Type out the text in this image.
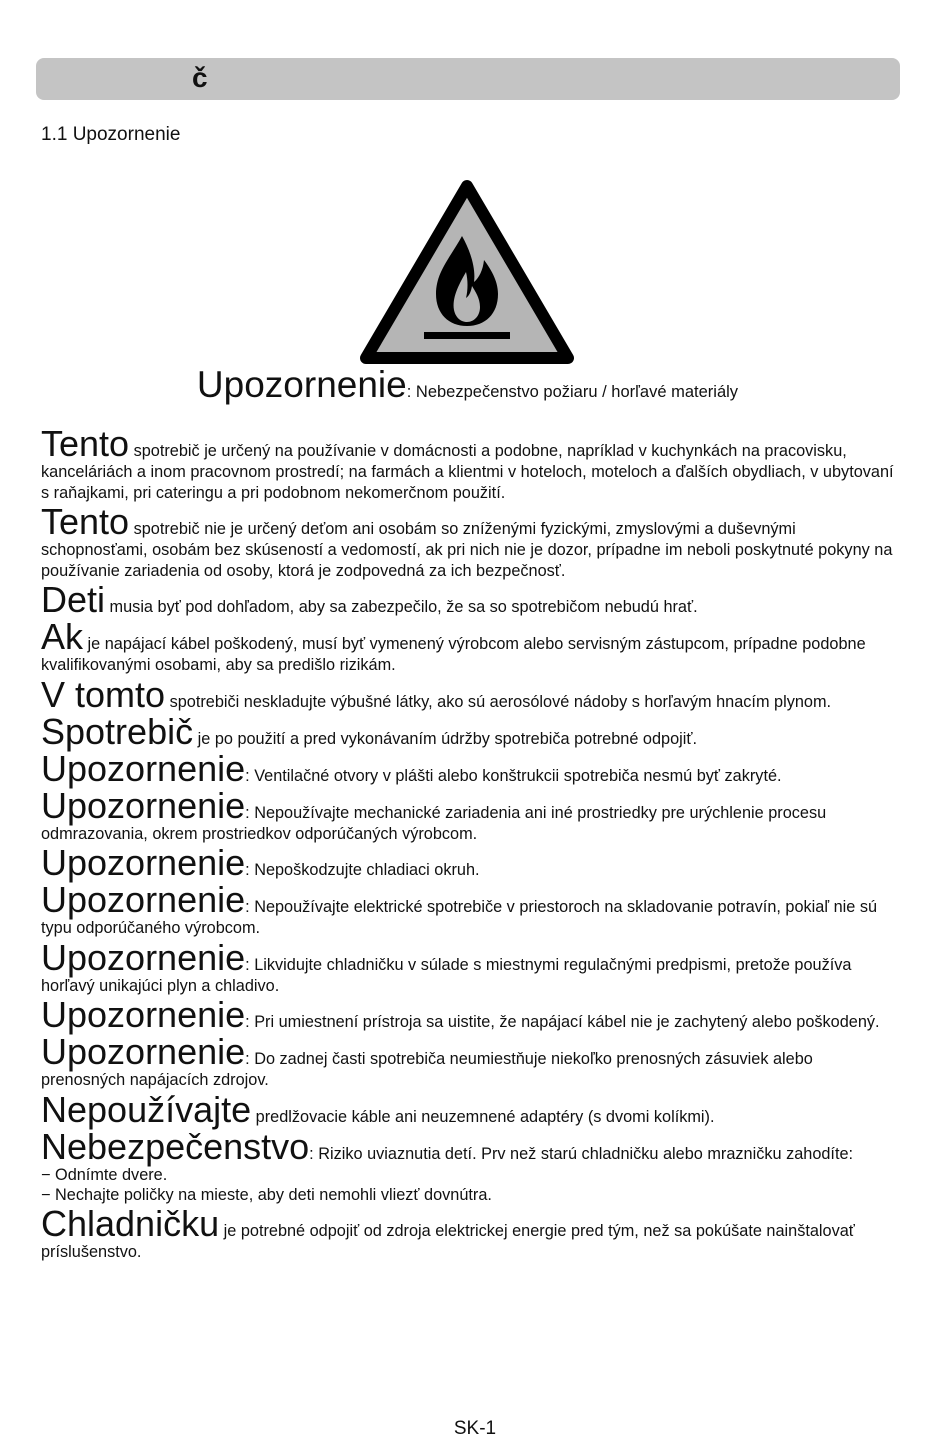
č
1.1 Upozornenie
Upozornenie: Nebezpečenstvo požiaru / horľavé materiály

Tento spotrebič je určený na používanie v domácnosti a podobne, napríklad v kuchynkách na pracovisku, kanceláriách a inom pracovnom prostredí; na farmách a klientmi v hoteloch, moteloch a ďalších obydliach, v ubytovaní s raňajkami, pri cateringu a pri podobnom nekomerčnom použití.

Tento spotrebič nie je určený deťom ani osobám so zníženými fyzickými, zmyslovými a duševnými schopnosťami, osobám bez skúseností a vedomostí, ak pri nich nie je dozor, prípadne im neboli poskytnuté pokyny na používanie zariadenia od osoby, ktorá je zodpovedná za ich bezpečnosť.

Deti musia byť pod dohľadom, aby sa zabezpečilo, že sa so spotrebičom nebudú hrať.

Ak je napájací kábel poškodený, musí byť vymenený výrobcom alebo servisným zástupcom, prípadne podobne kvalifikovanými osobami, aby sa predišlo rizikám.

V tomto spotrebiči neskladujte výbušné látky, ako sú aerosólové nádoby s horľavým hnacím plynom.

Spotrebič je po použití a pred vykonávaním údržby spotrebiča potrebné odpojiť.

Upozornenie: Ventilačné otvory v plášti alebo konštrukcii spotrebiča nesmú byť zakryté.

Upozornenie: Nepoužívajte mechanické zariadenia ani iné prostriedky pre urýchlenie procesu odmrazovania, okrem prostriedkov odporúčaných výrobcom.

Upozornenie: Nepoškodzujte chladiaci okruh.

Upozornenie: Nepoužívajte elektrické spotrebiče v priestoroch na skladovanie potravín, pokiaľ nie sú typu odporúčaného výrobcom.

Upozornenie: Likvidujte chladničku v súlade s miestnymi regulačnými predpismi, pretože používa horľavý unikajúci plyn a chladivo.

Upozornenie: Pri umiestnení prístroja sa uistite, že napájací kábel nie je zachytený alebo poškodený.

Upozornenie: Do zadnej časti spotrebiča neumiestňuje niekoľko prenosných zásuviek alebo prenosných napájacích zdrojov.

Nepoužívajte predlžovacie káble ani neuzemnené adaptéry (s dvomi kolíkmi).

Nebezpečenstvo: Riziko uviaznutia detí. Prv než starú chladničku alebo mrazničku zahodíte:

− Odnímte dvere.

− Nechajte poličky na mieste, aby deti nemohli vliezť dovnútra.

Chladničku je potrebné odpojiť od zdroja elektrickej energie pred tým, než sa pokúšate nainštalovať príslušenstvo.

SK-1
